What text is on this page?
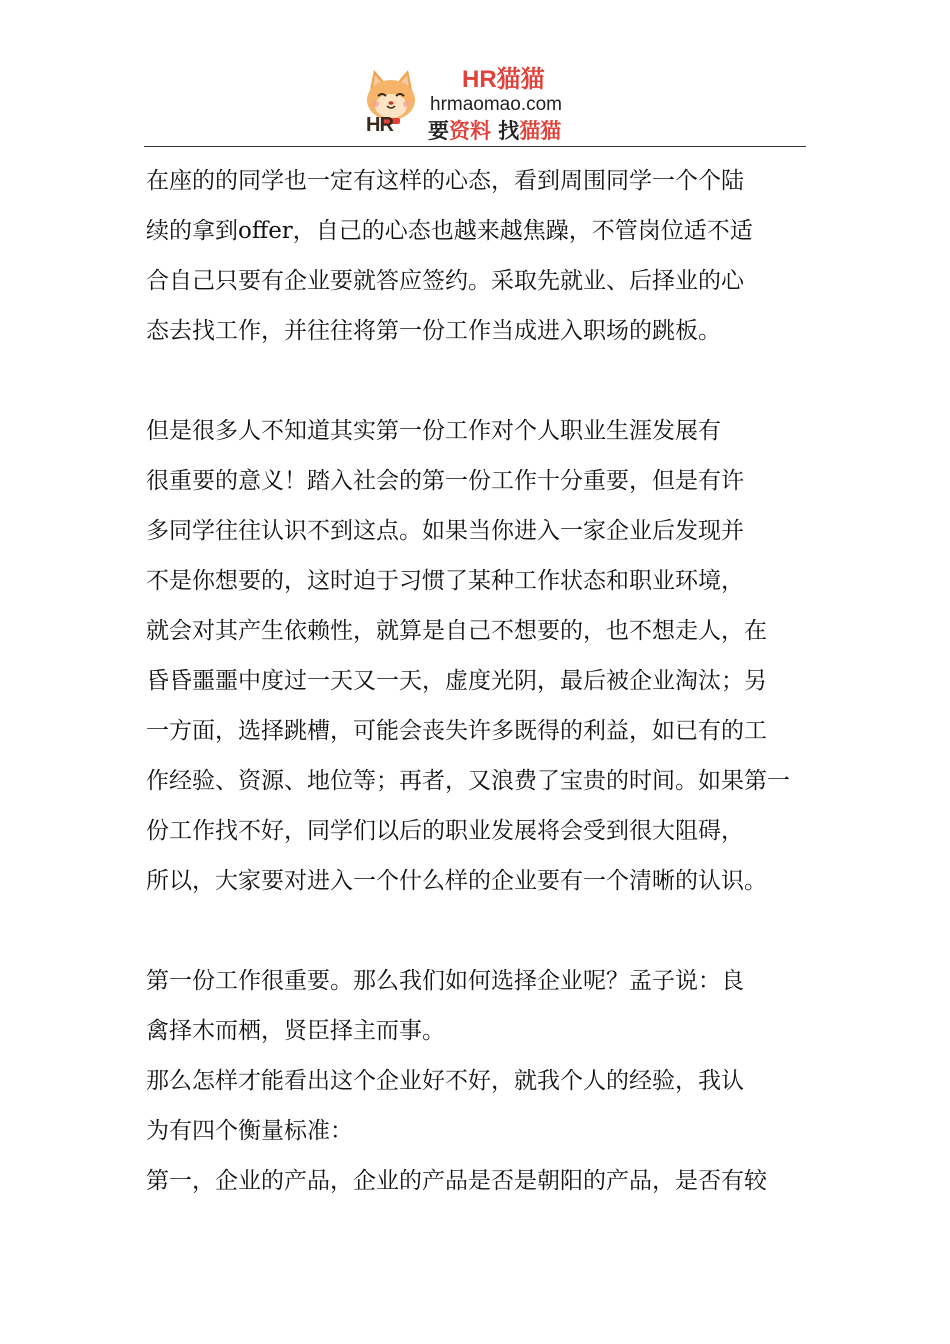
HR
HR猫猫
hrmaomao.com
要资料 找猫猫
在座的的同学也一定有这样的心态，看到周围同学一个个陆
续的拿到offer，自己的心态也越来越焦躁，不管岗位适不适
合自己只要有企业要就答应签约。采取先就业、后择业的心
态去找工作，并往往将第一份工作当成进入职场的跳板。
但是很多人不知道其实第一份工作对个人职业生涯发展有
很重要的意义！踏入社会的第一份工作十分重要，但是有许
多同学往往认识不到这点。如果当你进入一家企业后发现并
不是你想要的，这时迫于习惯了某种工作状态和职业环境，
就会对其产生依赖性，就算是自己不想要的，也不想走人，在
昏昏噩噩中度过一天又一天，虚度光阴，最后被企业淘汰；另
一方面，选择跳槽，可能会丧失许多既得的利益，如已有的工
作经验、资源、地位等；再者，又浪费了宝贵的时间。如果第一
份工作找不好，同学们以后的职业发展将会受到很大阻碍，
所以，大家要对进入一个什么样的企业要有一个清晰的认识。
第一份工作很重要。那么我们如何选择企业呢？孟子说：良
禽择木而栖，贤臣择主而事。
那么怎样才能看出这个企业好不好，就我个人的经验，我认
为有四个衡量标准：
第一，企业的产品，企业的产品是否是朝阳的产品，是否有较
